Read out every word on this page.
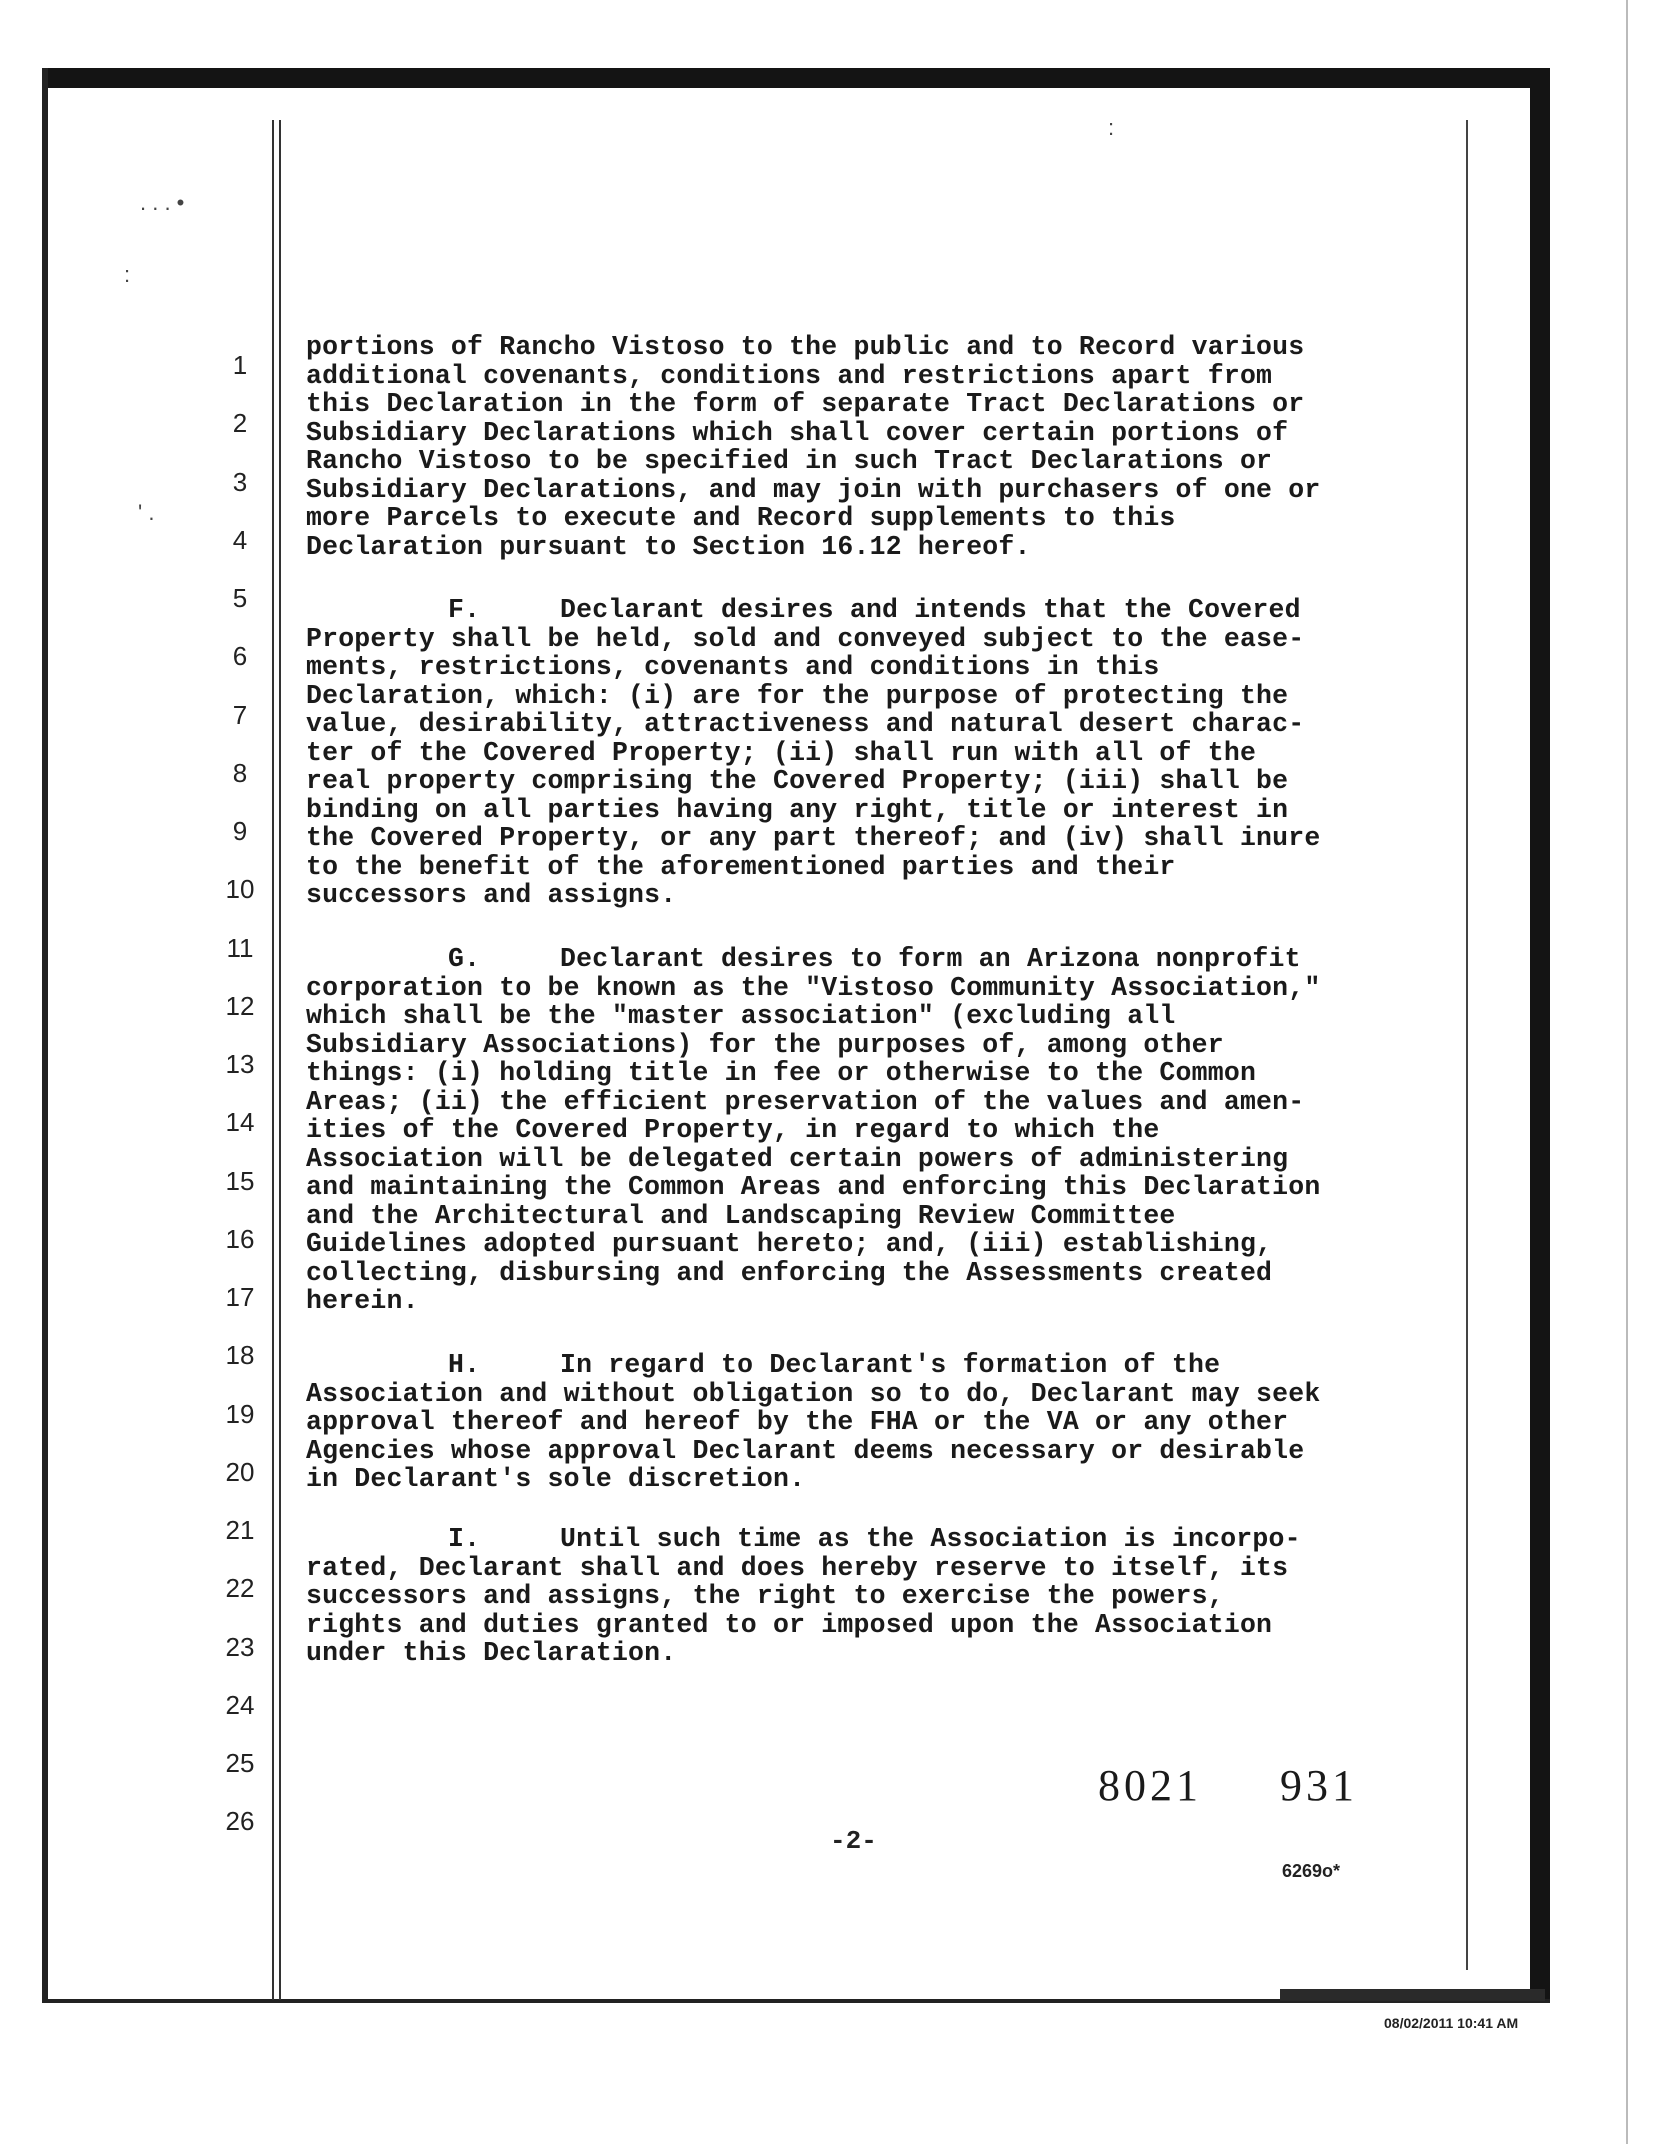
. . . •
:
' .
:
1
2
3
4
5
6
7
8
9
10
11
12
13
14
15
16
17
18
19
20
21
22
23
24
25
26
portions of Rancho Vistoso to the public and to Record various
additional covenants, conditions and restrictions apart from
this Declaration in the form of separate Tract Declarations or
Subsidiary Declarations which shall cover certain portions of
Rancho Vistoso to be specified in such Tract Declarations or
Subsidiary Declarations, and may join with purchasers of one or
more Parcels to execute and Record supplements to this
Declaration pursuant to Section 16.12 hereof.
F.	Declarant desires and intends that the Covered
Property shall be held, sold and conveyed subject to the ease-
ments, restrictions, covenants and conditions in this
Declaration, which: (i) are for the purpose of protecting the
value, desirability, attractiveness and natural desert charac-
ter of the Covered Property; (ii) shall run with all of the
real property comprising the Covered Property; (iii) shall be
binding on all parties having any right, title or interest in
the Covered Property, or any part thereof; and (iv) shall inure
to the benefit of the aforementioned parties and their
successors and assigns.
G.	Declarant desires to form an Arizona nonprofit
corporation to be known as the "Vistoso Community Association,"
which shall be the "master association" (excluding all
Subsidiary Associations) for the purposes of, among other
things: (i) holding title in fee or otherwise to the Common
Areas; (ii) the efficient preservation of the values and amen-
ities of the Covered Property, in regard to which the
Association will be delegated certain powers of administering
and maintaining the Common Areas and enforcing this Declaration
and the Architectural and Landscaping Review Committee
Guidelines adopted pursuant hereto; and, (iii) establishing,
collecting, disbursing and enforcing the Assessments created
herein.
H.	In regard to Declarant's formation of the
Association and without obligation so to do, Declarant may seek
approval thereof and hereof by the FHA or the VA or any other
Agencies whose approval Declarant deems necessary or desirable
in Declarant's sole discretion.
I.	Until such time as the Association is incorpo-
rated, Declarant shall and does hereby reserve to itself, its
successors and assigns, the right to exercise the powers,
rights and duties granted to or imposed upon the Association
under this Declaration.
8021 931
-2-
6269o*
08/02/2011 10:41 AM
